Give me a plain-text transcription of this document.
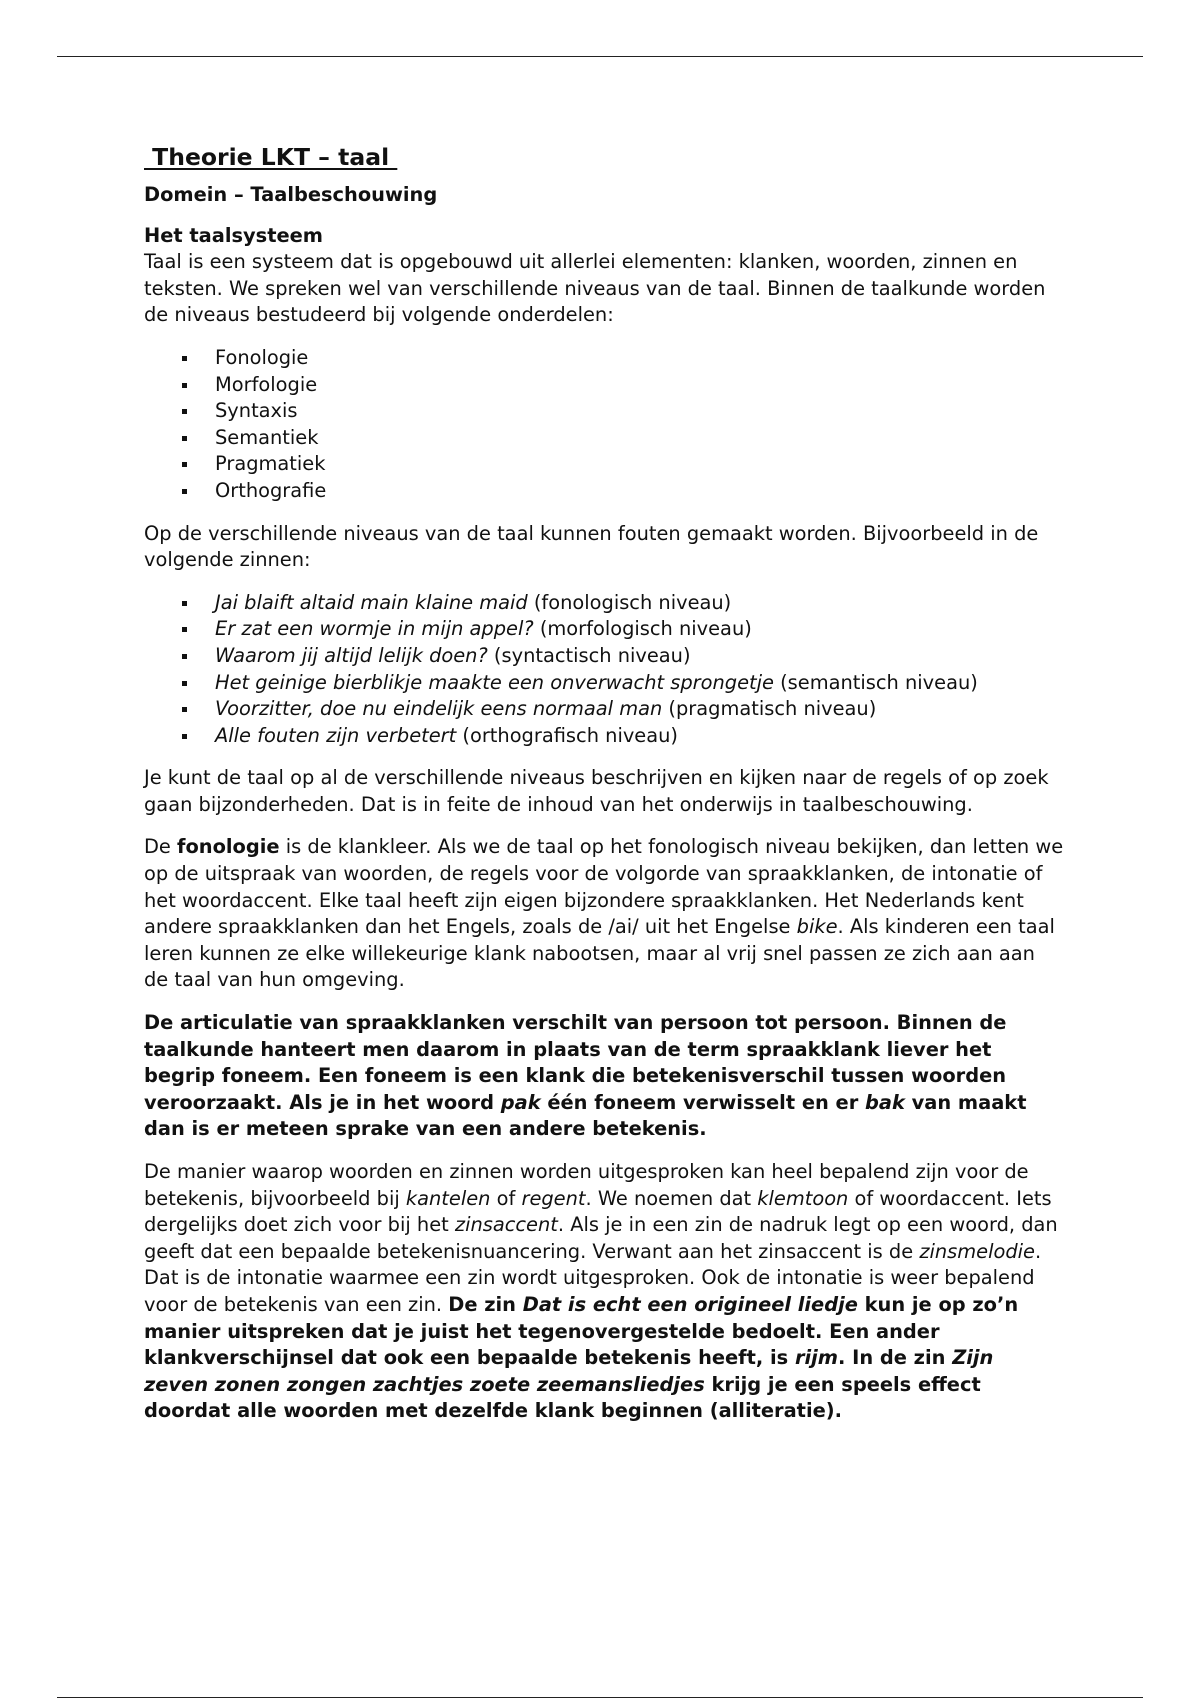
Theorie LKT – taal
Domein – Taalbeschouwing
Het taalsysteem

Taal is een systeem dat is opgebouwd uit allerlei elementen: klanken, woorden, zinnen en teksten. We spreken wel van verschillende niveaus van de taal. Binnen de taalkunde worden de niveaus bestudeerd bij volgende onderdelen:

Fonologie
Morfologie
Syntaxis
Semantiek
Pragmatiek
Orthografie

Op de verschillende niveaus van de taal kunnen fouten gemaakt worden. Bijvoorbeeld in de volgende zinnen:

Jai blaift altaid main klaine maid (fonologisch niveau)
Er zat een wormje in mijn appel? (morfologisch niveau)
Waarom jij altijd lelijk doen? (syntactisch niveau)
Het geinige bierblikje maakte een onverwacht sprongetje (semantisch niveau)
Voorzitter, doe nu eindelijk eens normaal man (pragmatisch niveau)
Alle fouten zijn verbetert (orthografisch niveau)

Je kunt de taal op al de verschillende niveaus beschrijven en kijken naar de regels of op zoek gaan bijzonderheden. Dat is in feite de inhoud van het onderwijs in taalbeschouwing.

De fonologie is de klankleer. Als we de taal op het fonologisch niveau bekijken, dan letten we op de uitspraak van woorden, de regels voor de volgorde van spraakklanken, de intonatie of het woordaccent. Elke taal heeft zijn eigen bijzondere spraakklanken. Het Nederlands kent andere spraakklanken dan het Engels, zoals de /ai/ uit het Engelse bike. Als kinderen een taal leren kunnen ze elke willekeurige klank nabootsen, maar al vrij snel passen ze zich aan aan de taal van hun omgeving.

De articulatie van spraakklanken verschilt van persoon tot persoon. Binnen de taalkunde hanteert men daarom in plaats van de term spraakklank liever het begrip foneem. Een foneem is een klank die betekenisverschil tussen woorden veroorzaakt. Als je in het woord pak één foneem verwisselt en er bak van maakt dan is er meteen sprake van een andere betekenis.

De manier waarop woorden en zinnen worden uitgesproken kan heel bepalend zijn voor de betekenis, bijvoorbeeld bij kantelen of regent. We noemen dat klemtoon of woordaccent. Iets dergelijks doet zich voor bij het zinsaccent. Als je in een zin de nadruk legt op een woord, dan geeft dat een bepaalde betekenisnuancering. Verwant aan het zinsaccent is de zinsmelodie. Dat is de intonatie waarmee een zin wordt uitgesproken. Ook de intonatie is weer bepalend voor de betekenis van een zin. De zin Dat is echt een origineel liedje kun je op zo’n manier uitspreken dat je juist het tegenovergestelde bedoelt. Een ander klankverschijnsel dat ook een bepaalde betekenis heeft, is rijm. In de zin Zijn zeven zonen zongen zachtjes zoete zeemansliedjes krijg je een speels effect doordat alle woorden met dezelfde klank beginnen (alliteratie).
